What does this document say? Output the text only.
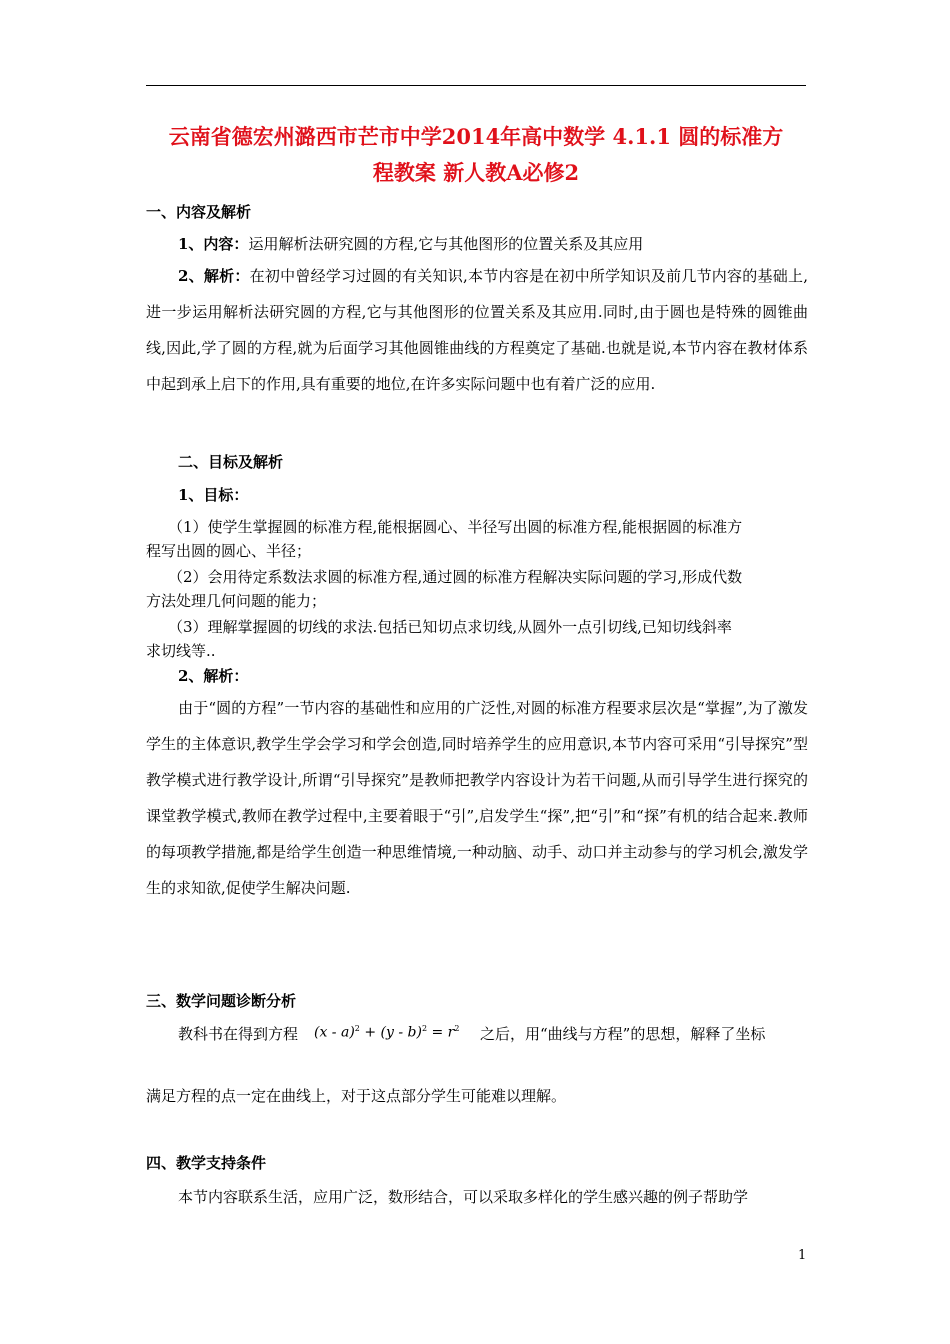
云南省德宏州潞西市芒市中学2014年高中数学 4.1.1 圆的标准方
程教案 新人教A必修2
一、内容及解析
1、内容：运用解析法研究圆的方程,它与其他图形的位置关系及其应用
2、解析：在初中曾经学习过圆的有关知识,本节内容是在初中所学知识及前几节内容的基础上,进一步运用解析法研究圆的方程,它与其他图形的位置关系及其应用.同时,由于圆也是特殊的圆锥曲线,因此,学了圆的方程,就为后面学习其他圆锥曲线的方程奠定了基础.也就是说,本节内容在教材体系中起到承上启下的作用,具有重要的地位,在许多实际问题中也有着广泛的应用.
二、目标及解析
1、目标：
（1）使学生掌握圆的标准方程,能根据圆心、半径写出圆的标准方程,能根据圆的标准方
程写出圆的圆心、半径；
（2）会用待定系数法求圆的标准方程,通过圆的标准方程解决实际问题的学习,形成代数
方法处理几何问题的能力；
（3）理解掌握圆的切线的求法.包括已知切点求切线,从圆外一点引切线,已知切线斜率
求切线等..
2、解析：
由于“圆的方程”一节内容的基础性和应用的广泛性,对圆的标准方程要求层次是“掌握”,为了激发学生的主体意识,教学生学会学习和学会创造,同时培养学生的应用意识,本节内容可采用“引导探究”型教学模式进行教学设计,所谓“引导探究”是教师把教学内容设计为若干问题,从而引导学生进行探究的课堂教学模式,教师在教学过程中,主要着眼于“引”,启发学生“探”,把“引”和“探”有机的结合起来.教师的每项教学措施,都是给学生创造一种思维情境,一种动脑、动手、动口并主动参与的学习机会,激发学生的求知欲,促使学生解决问题.
三、数学问题诊断分析
教科书在得到方程 $(x - a)^2 + (y - b)^2 = r^2$ 之后，用“曲线与方程”的思想，解释了坐标
满足方程的点一定在曲线上，对于这点部分学生可能难以理解。
四、教学支持条件
本节内容联系生活，应用广泛，数形结合，可以采取多样化的学生感兴趣的例子帮助学
1
